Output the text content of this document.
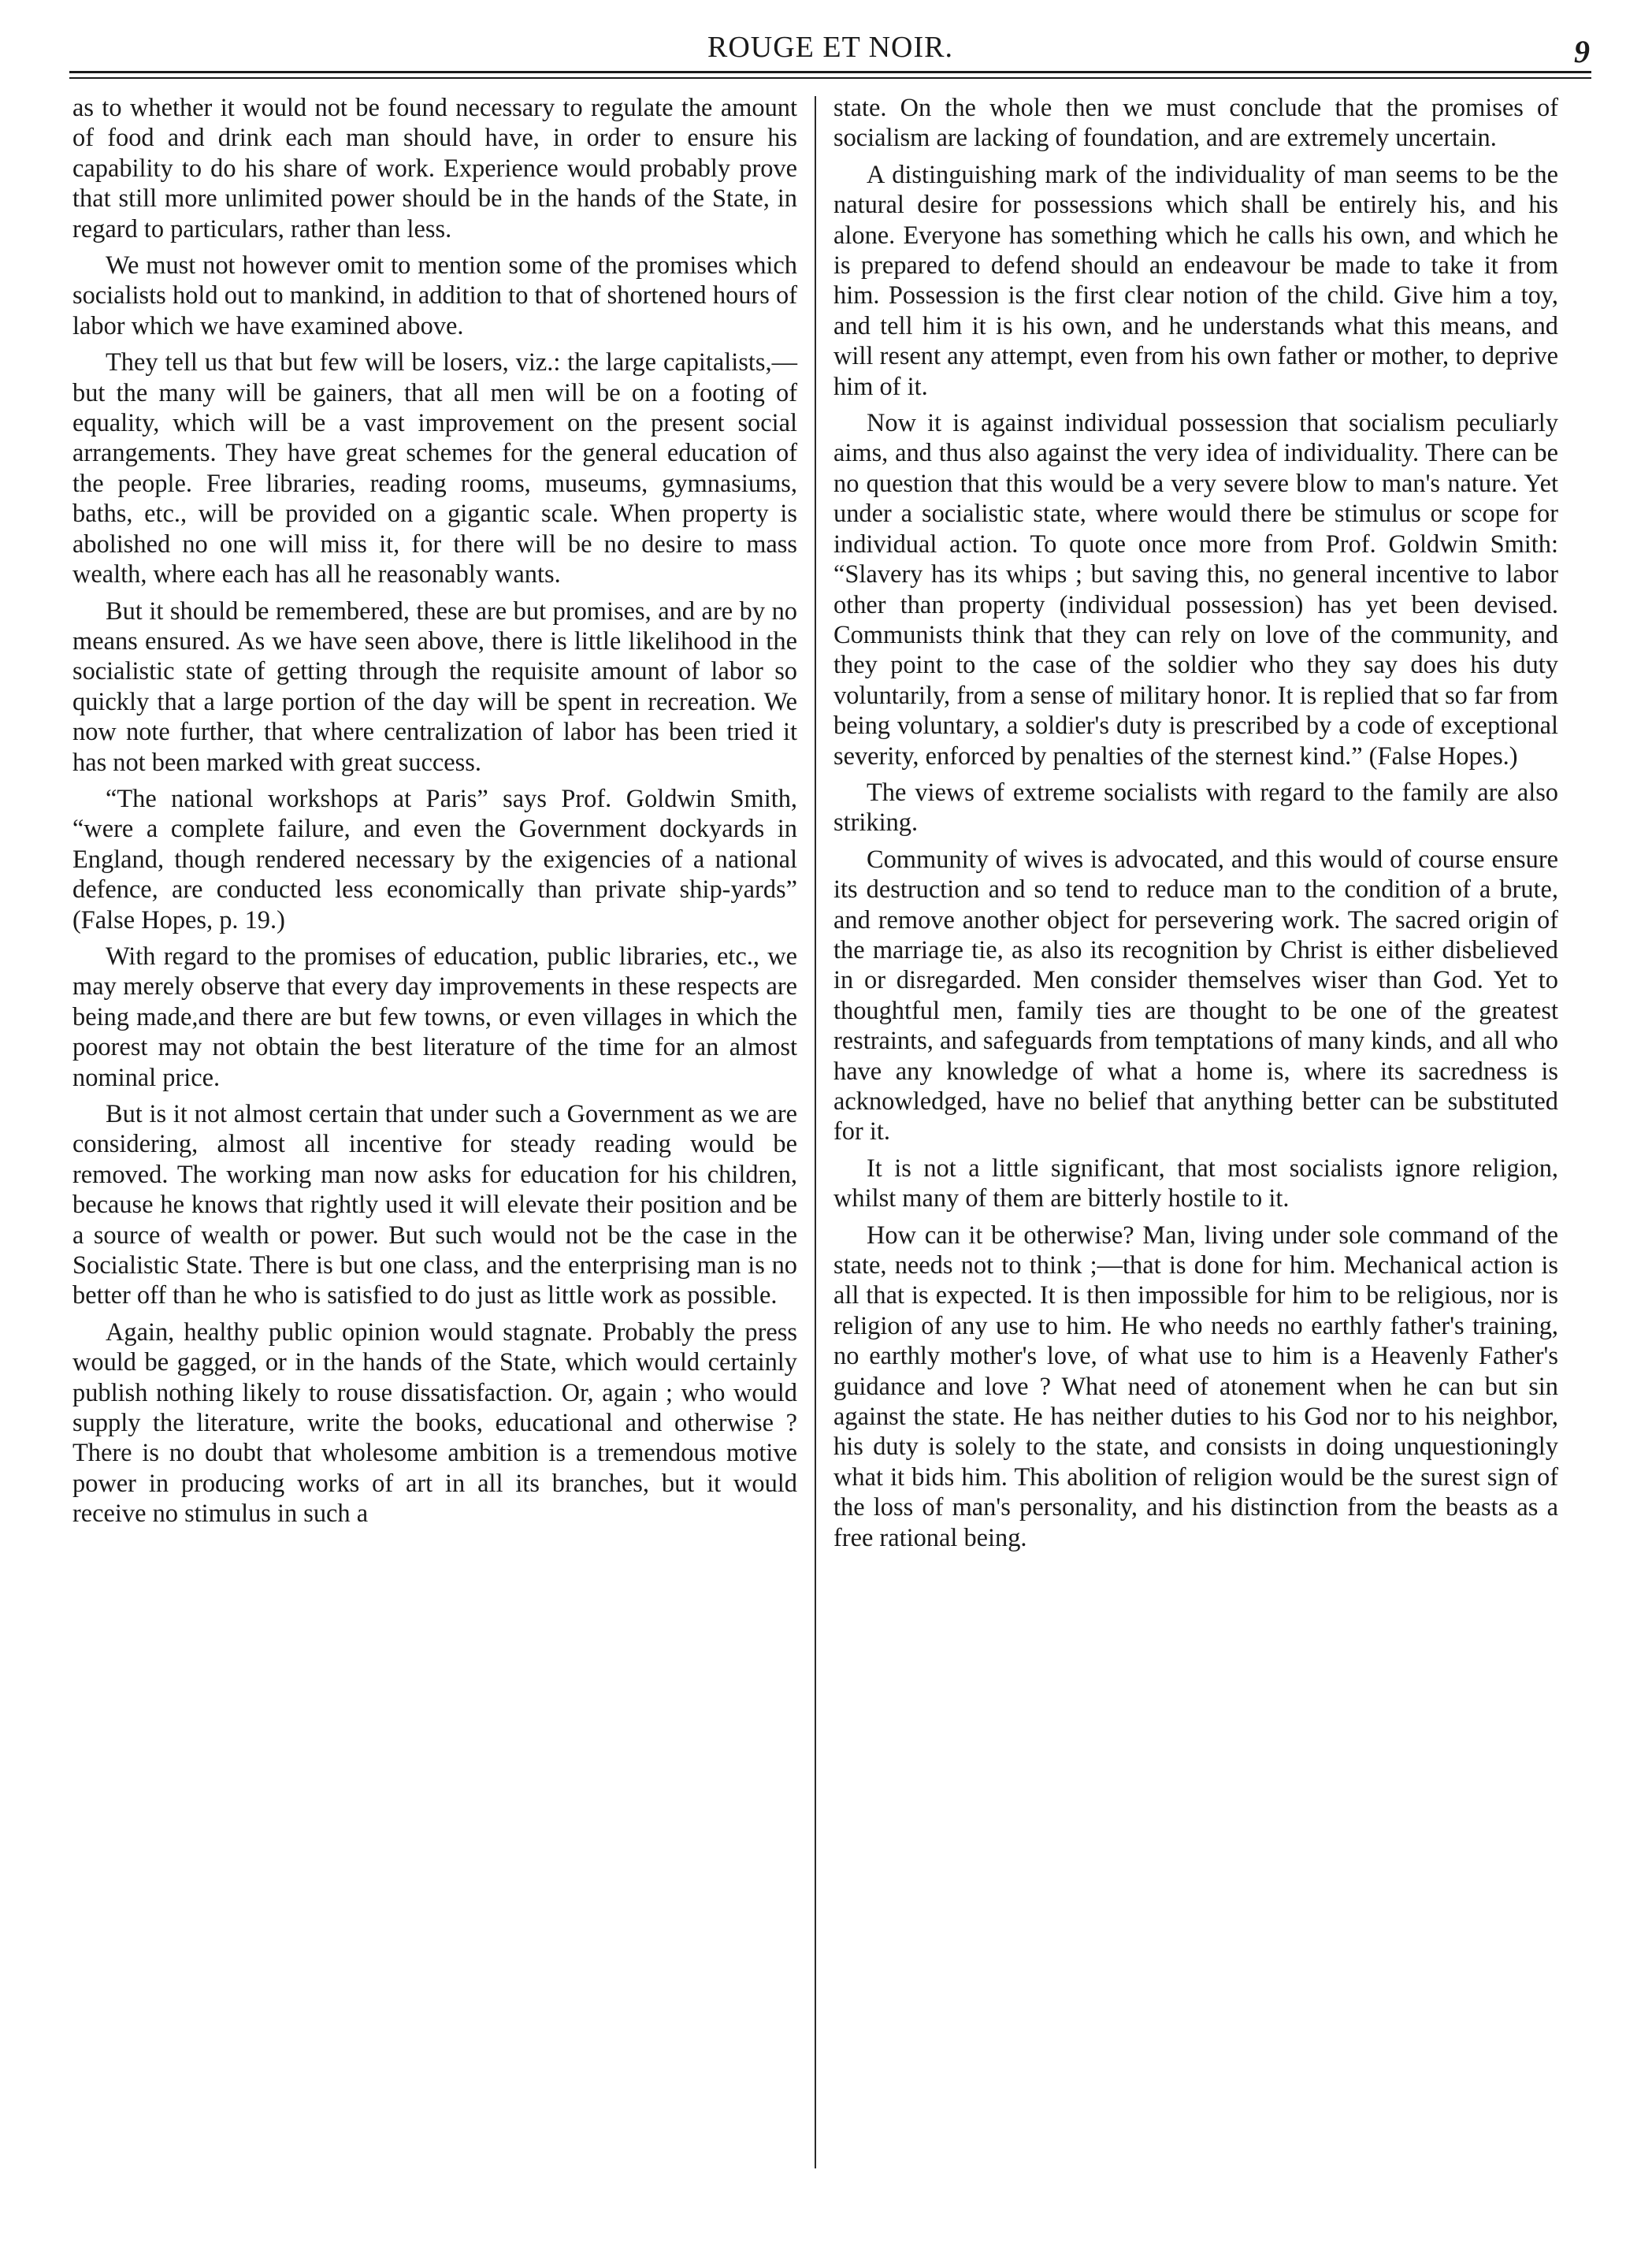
ROUGE ET NOIR.	9

as to whether it would not be found necessary to regulate the amount of food and drink each man should have, in order to ensure his capability to do his share of work. Experience would probably prove that still more unlimited power should be in the hands of the State, in regard to particulars, rather than less.

We must not however omit to mention some of the promises which socialists hold out to mankind, in addition to that of shortened hours of labor which we have examined above.

They tell us that but few will be losers, viz.: the large capitalists,—but the many will be gainers, that all men will be on a footing of equality, which will be a vast improvement on the present social arrangements. They have great schemes for the general education of the people. Free libraries, reading rooms, museums, gymnasiums, baths, etc., will be provided on a gigantic scale. When property is abolished no one will miss it, for there will be no desire to mass wealth, where each has all he reasonably wants.

But it should be remembered, these are but promises, and are by no means ensured. As we have seen above, there is little likelihood in the socialistic state of getting through the requisite amount of labor so quickly that a large portion of the day will be spent in recreation. We now note further, that where centralization of labor has been tried it has not been marked with great success.

“The national workshops at Paris” says Prof. Goldwin Smith, “were a complete failure, and even the Government dockyards in England, though rendered necessary by the exigencies of a national defence, are conducted less economically than private ship-yards” (False Hopes, p. 19.)

With regard to the promises of education, public libraries, etc., we may merely observe that every day improvements in these respects are being made,and there are but few towns, or even villages in which the poorest may not obtain the best literature of the time for an almost nominal price.

But is it not almost certain that under such a Government as we are considering, almost all incentive for steady reading would be removed. The working man now asks for education for his children, because he knows that rightly used it will elevate their position and be a source of wealth or power. But such would not be the case in the Socialistic State. There is but one class, and the enterprising man is no better off than he who is satisfied to do just as little work as possible.

Again, healthy public opinion would stagnate. Probably the press would be gagged, or in the hands of the State, which would certainly publish nothing likely to rouse dissatisfaction. Or, again ; who would supply the literature, write the books, educational and otherwise ? There is no doubt that wholesome ambition is a tremendous motive power in producing works of art in all its branches, but it would receive no stimulus in such a

state. On the whole then we must conclude that the promises of socialism are lacking of foundation, and are extremely uncertain.

A distinguishing mark of the individuality of man seems to be the natural desire for possessions which shall be entirely his, and his alone. Everyone has something which he calls his own, and which he is prepared to defend should an endeavour be made to take it from him. Possession is the first clear notion of the child. Give him a toy, and tell him it is his own, and he understands what this means, and will resent any attempt, even from his own father or mother, to deprive him of it.

Now it is against individual possession that socialism peculiarly aims, and thus also against the very idea of individuality. There can be no question that this would be a very severe blow to man's nature. Yet under a socialistic state, where would there be stimulus or scope for individual action. To quote once more from Prof. Goldwin Smith: “Slavery has its whips ; but saving this, no general incentive to labor other than property (individual possession) has yet been devised. Communists think that they can rely on love of the community, and they point to the case of the soldier who they say does his duty voluntarily, from a sense of military honor. It is replied that so far from being voluntary, a soldier's duty is prescribed by a code of exceptional severity, enforced by penalties of the sternest kind.” (False Hopes.)

The views of extreme socialists with regard to the family are also striking.

Community of wives is advocated, and this would of course ensure its destruction and so tend to reduce man to the condition of a brute, and remove another object for persevering work. The sacred origin of the marriage tie, as also its recognition by Christ is either disbelieved in or disregarded. Men consider themselves wiser than God. Yet to thoughtful men, family ties are thought to be one of the greatest restraints, and safeguards from temptations of many kinds, and all who have any knowledge of what a home is, where its sacredness is acknowledged, have no belief that anything better can be substituted for it.

It is not a little significant, that most socialists ignore religion, whilst many of them are bitterly hostile to it.

How can it be otherwise? Man, living under sole command of the state, needs not to think ;—that is done for him. Mechanical action is all that is expected. It is then impossible for him to be religious, nor is religion of any use to him. He who needs no earthly father's training, no earthly mother's love, of what use to him is a Heavenly Father's guidance and love ? What need of atonement when he can but sin against the state. He has neither duties to his God nor to his neighbor, his duty is solely to the state, and consists in doing unquestioningly what it bids him. This abolition of religion would be the surest sign of the loss of man's personality, and his distinction from the beasts as a free rational being.
